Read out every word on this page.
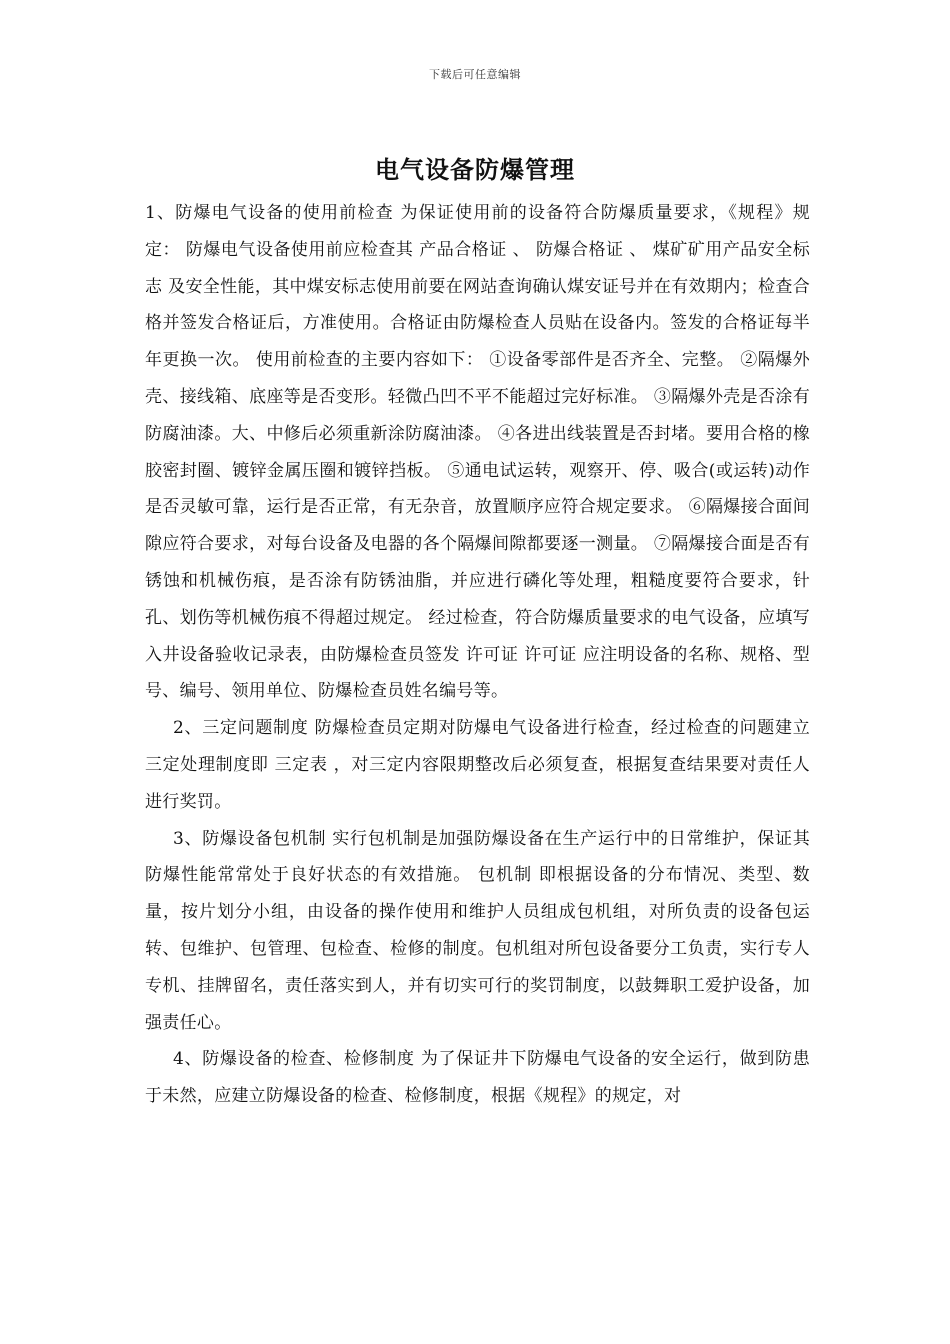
下载后可任意编辑
电气设备防爆管理

1、防爆电气设备的使用前检查 为保证使用前的设备符合防爆质量要求，《规程》规定： 防爆电气设备使用前应检查其 产品合格证 、 防爆合格证 、 煤矿矿用产品安全标志 及安全性能，其中煤安标志使用前要在网站查询确认煤安证号并在有效期内；检查合格并签发合格证后，方准使用。合格证由防爆检查人员贴在设备内。签发的合格证每半年更换一次。 使用前检查的主要内容如下： ①设备零部件是否齐全、完整。 ②隔爆外壳、接线箱、底座等是否变形。轻微凸凹不平不能超过完好标准。 ③隔爆外壳是否涂有防腐油漆。大、中修后必须重新涂防腐油漆。 ④各进出线装置是否封堵。要用合格的橡胶密封圈、镀锌金属压圈和镀锌挡板。 ⑤通电试运转，观察开、停、吸合(或运转)动作是否灵敏可靠，运行是否正常，有无杂音，放置顺序应符合规定要求。 ⑥隔爆接合面间隙应符合要求，对每台设备及电器的各个隔爆间隙都要逐一测量。 ⑦隔爆接合面是否有锈蚀和机械伤痕，是否涂有防锈油脂，并应进行磷化等处理，粗糙度要符合要求，针孔、划伤等机械伤痕不得超过规定。 经过检查，符合防爆质量要求的电气设备，应填写入井设备验收记录表，由防爆检查员签发 许可证 许可证 应注明设备的名称、规格、型号、编号、领用单位、防爆检查员姓名编号等。

2、三定问题制度 防爆检查员定期对防爆电气设备进行检查，经过检查的问题建立三定处理制度即 三定表 ，对三定内容限期整改后必须复查，根据复查结果要对责任人进行奖罚。

3、防爆设备包机制 实行包机制是加强防爆设备在生产运行中的日常维护，保证其防爆性能常常处于良好状态的有效措施。 包机制 即根据设备的分布情况、类型、数量，按片划分小组，由设备的操作使用和维护人员组成包机组，对所负责的设备包运转、包维护、包管理、包检查、检修的制度。包机组对所包设备要分工负责，实行专人专机、挂牌留名，责任落实到人，并有切实可行的奖罚制度，以鼓舞职工爱护设备，加强责任心。

4、防爆设备的检查、检修制度 为了保证井下防爆电气设备的安全运行，做到防患于未然，应建立防爆设备的检查、检修制度，根据《规程》的规定，对
